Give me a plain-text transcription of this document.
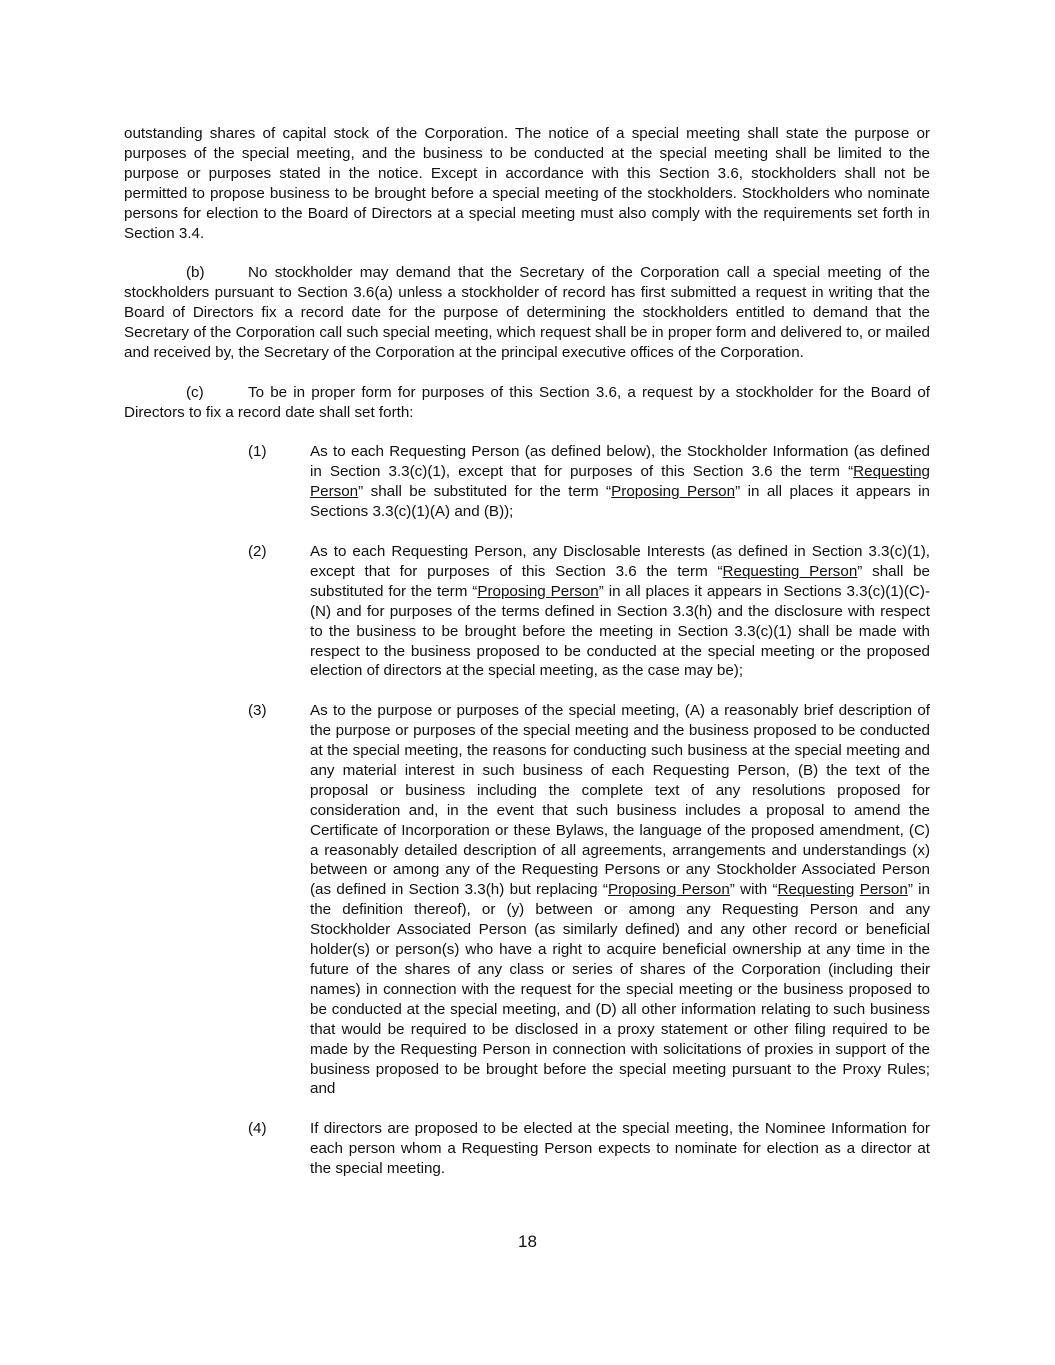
outstanding shares of capital stock of the Corporation. The notice of a special meeting shall state the purpose or purposes of the special meeting, and the business to be conducted at the special meeting shall be limited to the purpose or purposes stated in the notice. Except in accordance with this Section 3.6, stockholders shall not be permitted to propose business to be brought before a special meeting of the stockholders. Stockholders who nominate persons for election to the Board of Directors at a special meeting must also comply with the requirements set forth in Section 3.4.

(b)	No stockholder may demand that the Secretary of the Corporation call a special meeting of the stockholders pursuant to Section 3.6(a) unless a stockholder of record has first submitted a request in writing that the Board of Directors fix a record date for the purpose of determining the stockholders entitled to demand that the Secretary of the Corporation call such special meeting, which request shall be in proper form and delivered to, or mailed and received by, the Secretary of the Corporation at the principal executive offices of the Corporation.

(c)	To be in proper form for purposes of this Section 3.6, a request by a stockholder for the Board of Directors to fix a record date shall set forth:

(1)	As to each Requesting Person (as defined below), the Stockholder Information (as defined in Section 3.3(c)(1), except that for purposes of this Section 3.6 the term “Requesting Person” shall be substituted for the term “Proposing Person” in all places it appears in Sections 3.3(c)(1)(A) and (B));
(2)	As to each Requesting Person, any Disclosable Interests (as defined in Section 3.3(c)(1), except that for purposes of this Section 3.6 the term “Requesting Person” shall be substituted for the term “Proposing Person” in all places it appears in Sections 3.3(c)(1)(C)-(N) and for purposes of the terms defined in Section 3.3(h) and the disclosure with respect to the business to be brought before the meeting in Section 3.3(c)(1) shall be made with respect to the business proposed to be conducted at the special meeting or the proposed election of directors at the special meeting, as the case may be);
(3)	As to the purpose or purposes of the special meeting, (A) a reasonably brief description of the purpose or purposes of the special meeting and the business proposed to be conducted at the special meeting, the reasons for conducting such business at the special meeting and any material interest in such business of each Requesting Person, (B) the text of the proposal or business including the complete text of any resolutions proposed for consideration and, in the event that such business includes a proposal to amend the Certificate of Incorporation or these Bylaws, the language of the proposed amendment, (C) a reasonably detailed description of all agreements, arrangements and understandings (x) between or among any of the Requesting Persons or any Stockholder Associated Person (as defined in Section 3.3(h) but replacing “Proposing Person” with “Requesting Person” in the definition thereof), or (y) between or among any Requesting Person and any Stockholder Associated Person (as similarly defined) and any other record or beneficial holder(s) or person(s) who have a right to acquire beneficial ownership at any time in the future of the shares of any class or series of shares of the Corporation (including their names) in connection with the request for the special meeting or the business proposed to be conducted at the special meeting, and (D) all other information relating to such business that would be required to be disclosed in a proxy statement or other filing required to be made by the Requesting Person in connection with solicitations of proxies in support of the business proposed to be brought before the special meeting pursuant to the Proxy Rules; and
(4)	If directors are proposed to be elected at the special meeting, the Nominee Information for each person whom a Requesting Person expects to nominate for election as a director at the special meeting.
18
